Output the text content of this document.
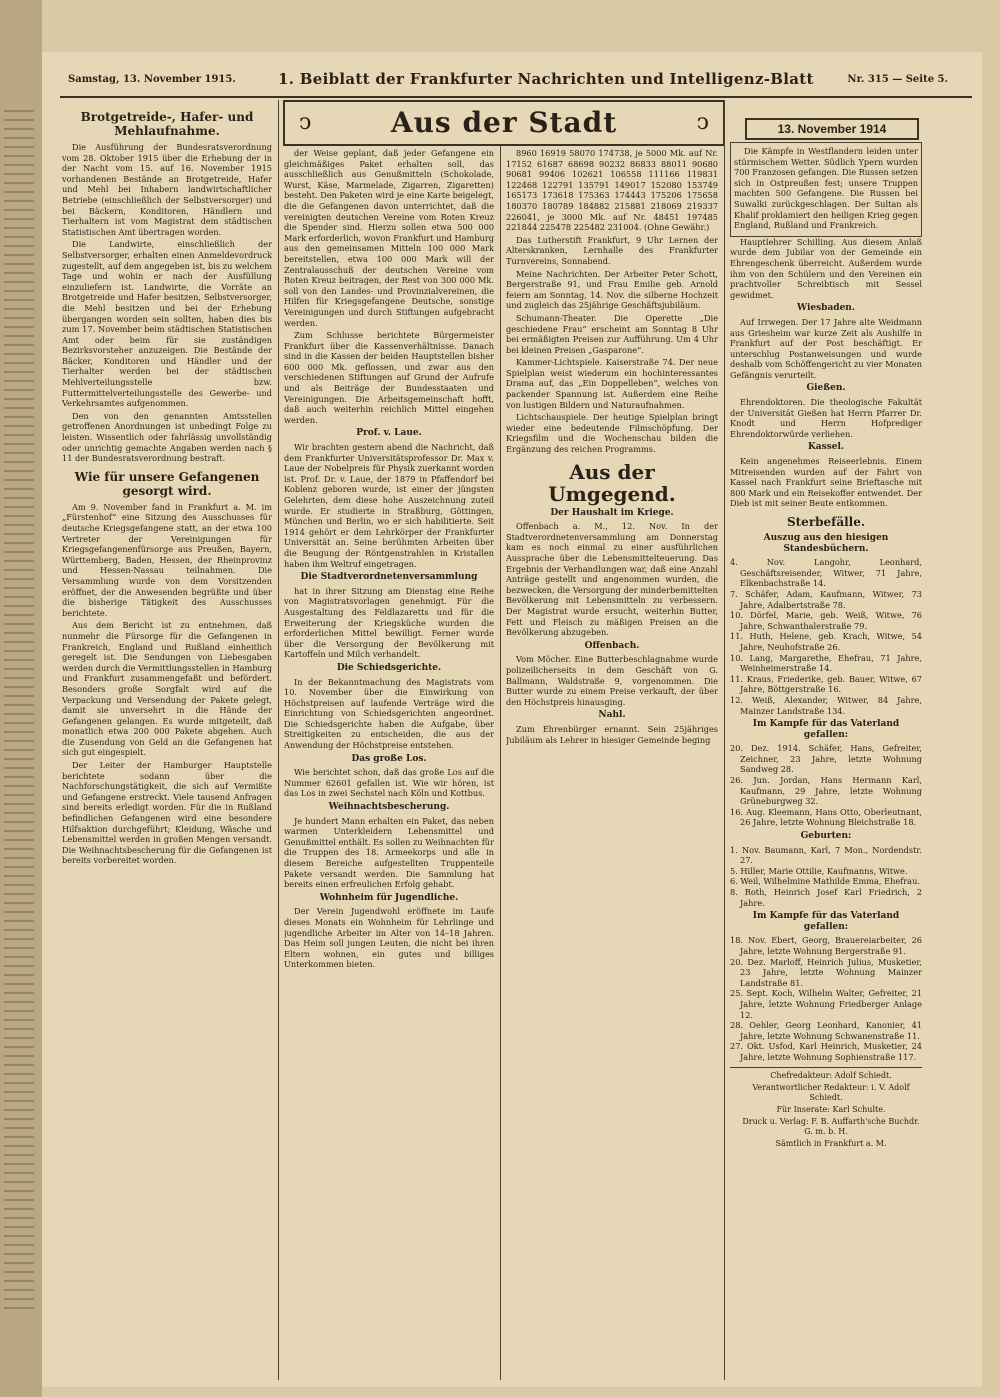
Samstag, 13. November 1915.	1. Beiblatt der Frankfurter Nachrichten und Intelligenz-Blatt	Nr. 315 — Seite 5.
ↄ	Aus der Stadt	ↄ	13. November 1914
Brotgetreide-, Hafer- und Mehlaufnahme.

Die Ausführung der Bundesratsverordnung vom 28. Oktober 1915 über die Erhebung der in der Nacht vom 15. auf 16. November 1915 vorhandenen Bestände an Brotgetreide, Hafer und Mehl bei Inhabern landwirtschaftlicher Betriebe (einschließlich der Selbstversorger) und bei Bäckern, Konditoren, Händlern und Tierhaltern ist vom Magistrat dem städtischen Statistischen Amt übertragen worden.

Die Landwirte, einschließlich der Selbstversorger, erhalten einen Anmeldevordruck zugestellt, auf dem angegeben ist, bis zu welchem Tage und wohin er nach der Ausfüllung einzuliefern ist. Landwirte, die Vorräte an Brotgetreide und Hafer besitzen, Selbstversorger, die Mehl besitzen und bei der Erhebung übergangen worden sein sollten, haben dies bis zum 17. November beim städtischen Statistischen Amt oder beim für sie zuständigen Bezirksvorsteher anzuzeigen. Die Bestände der Bäcker, Konditoren und Händler und der Tierhalter werden bei der städtischen Mehlverteilungsstelle bzw. Futtermittelverteilungsstelle des Gewerbe- und Verkehrsamtes aufgenommen.

Den von den genannten Amtsstellen getroffenen Anordnungen ist unbedingt Folge zu leisten. Wissentlich oder fahrlässig unvollständig oder unrichtig gemachte Angaben werden nach § 11 der Bundesratsverordnung bestraft.

Wie für unsere Gefangenen gesorgt wird.

Am 9. November fand in Frankfurt a. M. im „Fürstenhof“ eine Sitzung des Ausschusses für deutsche Kriegsgefangene statt, an der etwa 100 Vertreter der Vereinigungen für Kriegsgefangenenfürsorge aus Preußen, Bayern, Württemberg, Baden, Hessen, der Rheinprovinz und Hessen-Nassau teilnahmen. Die Versammlung wurde von dem Vorsitzenden eröffnet, der die Anwesenden begrüßte und über die bisherige Tätigkeit des Ausschusses berichtete.

Aus dem Bericht ist zu entnehmen, daß nunmehr die Fürsorge für die Gefangenen in Frankreich, England und Rußland einheitlich geregelt ist. Die Sendungen von Liebesgaben werden durch die Vermittlungsstellen in Hamburg und Frankfurt zusammengefaßt und befördert. Besonders große Sorgfalt wird auf die Verpackung und Versendung der Pakete gelegt, damit sie unversehrt in die Hände der Gefangenen gelangen. Es wurde mitgeteilt, daß monatlich etwa 200 000 Pakete abgehen. Auch die Zusendung von Geld an die Gefangenen hat sich gut eingespielt.

Der Leiter der Hamburger Hauptstelle berichtete sodann über die Nachforschungstätigkeit, die sich auf Vermißte und Gefangene erstreckt. Viele tausend Anfragen sind bereits erledigt worden. Für die in Rußland befindlichen Gefangenen wird eine besondere Hilfsaktion durchgeführt; Kleidung, Wäsche und Lebensmittel werden in großen Mengen versandt. Die Weihnachtsbescherung für die Gefangenen ist bereits vorbereitet worden.

der Weise geplant, daß jeder Gefangene ein gleichmäßiges Paket erhalten soll, das ausschließlich aus Genußmitteln (Schokolade, Wurst, Käse, Marmelade, Zigarren, Zigaretten) besteht. Den Paketen wird je eine Karte beigelegt, die die Gefangenen davon unterrichtet, daß die vereinigten deutschen Vereine vom Roten Kreuz die Spender sind. Hierzu sollen etwa 500 000 Mark erforderlich, wovon Frankfurt und Hamburg aus den gemeinsamen Mitteln 100 000 Mark bereitstellen, etwa 100 000 Mark will der Zentralausschuß der deutschen Vereine vom Roten Kreuz beitragen, der Rest von 300 000 Mk. soll von den Landes- und Provinzialvereinen, die Hilfen für Kriegsgefangene Deutsche, sonstige Vereinigungen und durch Stiftungen aufgebracht werden.

Zum Schlusse berichtete Bürgermeister Frankfurt über die Kassenverhältnisse. Danach sind in die Kassen der beiden Hauptstellen bisher 600 000 Mk. geflossen, und zwar aus den verschiedenen Stiftungen auf Grund der Aufrufe und als Beiträge der Bundesstaaten und Vereinigungen. Die Arbeitsgemeinschaft hofft, daß auch weiterhin reichlich Mittel eingehen werden.

Prof. v. Laue.

Wir brachten gestern abend die Nachricht, daß dem Frankfurter Universitätsprofessor Dr. Max v. Laue der Nobelpreis für Physik zuerkannt worden ist. Prof. Dr. v. Laue, der 1879 in Pfaffendorf bei Koblenz geboren wurde, ist einer der jüngsten Gelehrten, dem diese hohe Auszeichnung zuteil wurde. Er studierte in Straßburg, Göttingen, München und Berlin, wo er sich habilitierte. Seit 1914 gehört er dem Lehrkörper der Frankfurter Universität an. Seine berühmten Arbeiten über die Beugung der Röntgenstrahlen in Kristallen haben ihm Weltruf eingetragen.

Die Stadtverordnetenversammlung

hat in ihrer Sitzung am Dienstag eine Reihe von Magistratsvorlagen genehmigt. Für die Ausgestaltung des Feldlazaretts und für die Erweiterung der Kriegsküche wurden die erforderlichen Mittel bewilligt. Ferner wurde über die Versorgung der Bevölkerung mit Kartoffeln und Milch verhandelt.

Die Schiedsgerichte.

In der Bekanntmachung des Magistrats vom 10. November über die Einwirkung von Höchstpreisen auf laufende Verträge wird die Einrichtung von Schiedsgerichten angeordnet. Die Schiedsgerichte haben die Aufgabe, über Streitigkeiten zu entscheiden, die aus der Anwendung der Höchstpreise entstehen.

Das große Los.

Wie berichtet schon, daß das große Los auf die Nummer 62601 gefallen ist. Wie wir hören, ist das Los in zwei Sechstel nach Köln und Kottbus.

Weihnachtsbescherung.

Je hundert Mann erhalten ein Paket, das neben warmen Unterkleidern Lebensmittel und Genußmittel enthält. Es sollen zu Weihnachten für die Truppen des 18. Armeekorps und alle in diesem Bereiche aufgestellten Truppenteile Pakete versandt werden. Die Sammlung hat bereits einen erfreulichen Erfolg gehabt.

Wohnheim für Jugendliche.

Der Verein Jugendwohl eröffnete im Laufe dieses Monats ein Wohnheim für Lehrlinge und jugendliche Arbeiter im Alter von 14–18 Jahren. Das Heim soll jungen Leuten, die nicht bei ihren Eltern wohnen, ein gutes und billiges Unterkommen bieten.

8960 16919 58070 174738, je 5000 Mk. auf Nr. 17152 61687 68698 90232 86833 88011 90680 90681 99406 102621 106558 111166 119831 122468 122791 135791 149017 152080 153749 165173 173618 175363 174443 175206 175658 180370 180789 184882 215881 218069 219337 226041, je 3000 Mk. auf Nr. 48451 197485 221844 225478 225482 231004. (Ohne Gewähr.)

Das Lutherstift Frankfurt, 9 Uhr Lernen der Alterskranken, Lernhalle des Frankfurter Turnvereins, Sonnabend.

Meine Nachrichten. Der Arbeiter Peter Schott, Bergerstraße 91, und Frau Emilie geb. Arnold feiern am Sonntag, 14. Nov. die silberne Hochzeit und zugleich das 25jährige Geschäftsjubiläum.

Schumann-Theater. Die Operette „Die geschiedene Frau“ erscheint am Sonntag 8 Uhr bei ermäßigten Preisen zur Aufführung. Um 4 Uhr bei kleinen Preisen „Gasparone“.

Kammer-Lichtspiele. Kaiserstraße 74. Der neue Spielplan weist wiederum ein hochinteressantes Drama auf, das „Ein Doppelleben“, welches von packender Spannung ist. Außerdem eine Reihe von lustigen Bildern und Naturaufnahmen.

Lichtschauspiele. Der heutige Spielplan bringt wieder eine bedeutende Filmschöpfung. Der Kriegsfilm und die Wochenschau bilden die Ergänzung des reichen Programms.

Aus der Umgegend.
Der Haushalt im Kriege.

Offenbach a. M., 12. Nov. In der Stadtverordnetenversammlung am Donnerstag kam es noch einmal zu einer ausführlichen Aussprache über die Lebensmittelteuerung. Das Ergebnis der Verhandlungen war, daß eine Anzahl Anträge gestellt und angenommen wurden, die bezwecken, die Versorgung der minderbemittelten Bevölkerung mit Lebensmitteln zu verbessern. Der Magistrat wurde ersucht, weiterhin Butter, Fett und Fleisch zu mäßigen Preisen an die Bevölkerung abzugeben.

Offenbach.

Vom Möcher. Eine Butterbeschlagnahme wurde polizeilicherseits in dem Geschäft von G. Ballmann, Waldstraße 9, vorgenommen. Die Butter wurde zu einem Preise verkauft, der über den Höchstpreis hinausging.

Nahl.

Zum Ehrenbürger ernannt. Sein 25jähriges Jubiläum als Lehrer in hiesiger Gemeinde beging

Die Kämpfe in Westflandern leiden unter stürmischem Wetter. Südlich Ypern wurden 700 Franzosen gefangen. Die Russen setzen sich in Ostpreußen fest; unsere Truppen machten 500 Gefangene. Die Russen bei Suwalki zurückgeschlagen. Der Sultan als Khalif proklamiert den heiligen Krieg gegen England, Rußland und Frankreich.

Hauptlehrer Schilling. Aus diesem Anlaß wurde dem Jubilar von der Gemeinde ein Ehrengeschenk überreicht. Außerdem wurde ihm von den Schülern und den Vereinen ein prachtvoller Schreibtisch mit Sessel gewidmet.

Wiesbaden.

Auf Irrwegen. Der 17 Jahre alte Weidmann aus Griesheim war kurze Zeit als Aushilfe in Frankfurt auf der Post beschäftigt. Er unterschlug Postanweisungen und wurde deshalb vom Schöffengericht zu vier Monaten Gefängnis verurteilt.

Gießen.

Ehrendoktoren. Die theologische Fakultät der Universität Gießen hat Herrn Pfarrer Dr. Knodt und Herrn Hofprediger Ehrendoktorwürde verliehen.

Kassel.

Kein angenehmes Reiseerlebnis. Einem Mitreisenden wurden auf der Fahrt von Kassel nach Frankfurt seine Brieftasche mit 800 Mark und ein Reisekoffer entwendet. Der Dieb ist mit seiner Beute entkommen.

Sterbefälle.
Auszug aus den hiesigen Standesbüchern.

4. Nov. Langohr, Leonhard, Geschäftsreisender, Witwer, 71 Jahre, Elkenbachstraße 14.

7. Schäfer, Adam, Kaufmann, Witwer, 73 Jahre, Adalbertstraße 78.

10. Dörfel, Marie, geb. Weiß, Witwe, 76 Jahre, Schwanthalerstraße 79.

11. Huth, Helene, geb. Krach, Witwe, 54 Jahre, Neuhofstraße 26.

10. Lang, Margarethe, Ehefrau, 71 Jahre, Weinheimerstraße 14.

11. Kraus, Friederike, geb. Bauer, Witwe, 67 Jahre, Böttgerstraße 16.

12. Weiß, Alexander, Witwer, 84 Jahre, Mainzer Landstraße 134.

Im Kampfe für das Vaterland gefallen:

20. Dez. 1914. Schäfer, Hans, Gefreiter, Zeichner, 23 Jahre, letzte Wohnung Sandweg 28.

26. Jun. Jordan, Hans Hermann Karl, Kaufmann, 29 Jahre, letzte Wohnung Grüneburgweg 32.

16. Aug. Kleemann, Hans Otto, Oberleutnant, 26 Jahre, letzte Wohnung Bleichstraße 18.

Geburten:

1. Nov. Baumann, Karl, 7 Mon., Nordendstr. 27.

5. Hiller, Marie Ottilie, Kaufmanns, Witwe.

6. Weil, Wilhelmine Mathilde Emma, Ehefrau.

8. Roth, Heinrich Josef Karl Friedrich, 2 Jahre.

Im Kampfe für das Vaterland gefallen:

18. Nov. Ebert, Georg, Brauereiarbeiter, 26 Jahre, letzte Wohnung Bergerstraße 91.

20. Dez. Marloff, Heinrich Julius, Musketier, 23 Jahre, letzte Wohnung Mainzer Landstraße 81.

25. Sept. Koch, Wilhelm Walter, Gefreiter, 21 Jahre, letzte Wohnung Friedberger Anlage 12.

28. Oehler, Georg Leonhard, Kanonier, 41 Jahre, letzte Wohnung Schwanenstraße 11.

27. Okt. Usfod, Karl Heinrich, Musketier, 24 Jahre, letzte Wohnung Sophienstraße 117.

Chefredakteur: Adolf Schiedt.

Verantwortlicher Redakteur: i. V. Adolf Schiedt.

Für Inserate: Karl Schulte.

Druck u. Verlag: F. B. Auffarth'sche Buchdr. G. m. b. H.

Sämtlich in Frankfurt a. M.
